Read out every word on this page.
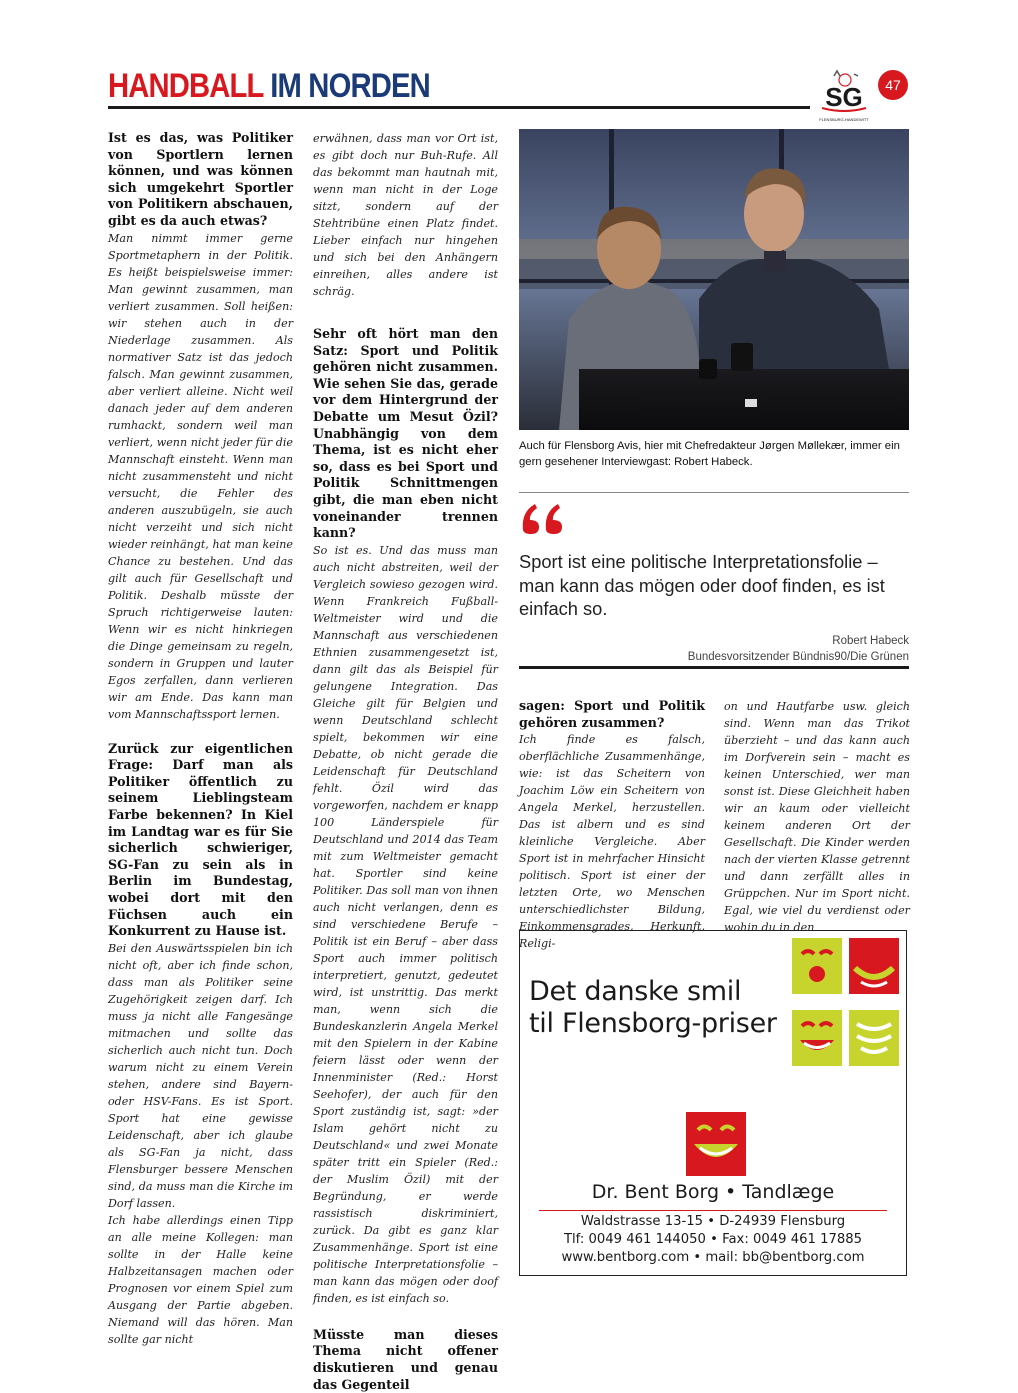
HANDBALL IM NORDEN	SG
FLENSBURG-HANDEWITT
47

Ist es das, was Politiker von Sportlern lernen können, und was können sich umgekehrt Sportler von Politikern abschauen, gibt es da auch etwas?

Man nimmt immer gerne Sportmetaphern in der Politik. Es heißt beispielsweise immer: Man gewinnt zusammen, man verliert zusammen. Soll heißen: wir stehen auch in der Niederlage zusammen. Als normativer Satz ist das jedoch falsch. Man gewinnt zusammen, aber verliert alleine. Nicht weil danach jeder auf dem anderen rumhackt, sondern weil man verliert, wenn nicht jeder für die Mannschaft einsteht. Wenn man nicht zusammensteht und nicht versucht, die Fehler des anderen auszubügeln, sie auch nicht verzeiht und sich nicht wieder reinhängt, hat man keine Chance zu bestehen. Und das gilt auch für Gesellschaft und Politik. Deshalb müsste der Spruch richtigerweise lauten: Wenn wir es nicht hinkriegen die Dinge gemeinsam zu regeln, sondern in Gruppen und lauter Egos zerfallen, dann verlieren wir am Ende. Das kann man vom Mannschaftssport lernen.

Zurück zur eigentlichen Frage: Darf man als Politiker öffentlich zu seinem Lieblingsteam Farbe bekennen? In Kiel im Landtag war es für Sie sicherlich schwieriger, SG-Fan zu sein als in Berlin im Bundestag, wobei dort mit den Füchsen auch ein Konkurrent zu Hause ist.

Bei den Auswärtsspielen bin ich nicht oft, aber ich finde schon, dass man als Politiker seine Zugehörigkeit zeigen darf. Ich muss ja nicht alle Fangesänge mitmachen und sollte das sicherlich auch nicht tun. Doch warum nicht zu einem Verein stehen, andere sind Bayern- oder HSV-Fans. Es ist Sport. Sport hat eine gewisse Leidenschaft, aber ich glaube als SG-Fan ja nicht, dass Flensburger bessere Menschen sind, da muss man die Kirche im Dorf lassen.

Ich habe allerdings einen Tipp an alle meine Kollegen: man sollte in der Halle keine Halbzeitansagen machen oder Prognosen vor einem Spiel zum Ausgang der Partie abgeben. Niemand will das hören. Man sollte gar nicht

erwähnen, dass man vor Ort ist, es gibt doch nur Buh-Rufe. All das bekommt man hautnah mit, wenn man nicht in der Loge sitzt, sondern auf der Stehtribüne einen Platz findet. Lieber einfach nur hingehen und sich bei den Anhängern einreihen, alles andere ist schräg.

Sehr oft hört man den Satz: Sport und Politik gehören nicht zusammen. Wie sehen Sie das, gerade vor dem Hintergrund der Debatte um Mesut Özil? Unabhängig von dem Thema, ist es nicht eher so, dass es bei Sport und Politik Schnittmengen gibt, die man eben nicht voneinander trennen kann?

So ist es. Und das muss man auch nicht abstreiten, weil der Vergleich sowieso gezogen wird. Wenn Frankreich Fußball-Weltmeister wird und die Mannschaft aus verschiedenen Ethnien zusammengesetzt ist, dann gilt das als Beispiel für gelungene Integration. Das Gleiche gilt für Belgien und wenn Deutschland schlecht spielt, bekommen wir eine Debatte, ob nicht gerade die Leidenschaft für Deutschland fehlt. Özil wird das vorgeworfen, nachdem er knapp 100 Länderspiele für Deutschland und 2014 das Team mit zum Weltmeister gemacht hat. Sportler sind keine Politiker. Das soll man von ihnen auch nicht verlangen, denn es sind verschiedene Berufe – Politik ist ein Beruf – aber dass Sport auch immer politisch interpretiert, genutzt, gedeutet wird, ist unstrittig. Das merkt man, wenn sich die Bundeskanzlerin Angela Merkel mit den Spielern in der Kabine feiern lässt oder wenn der Innenminister (Red.: Horst Seehofer), der auch für den Sport zuständig ist, sagt: »der Islam gehört nicht zu Deutschland« und zwei Monate später tritt ein Spieler (Red.: der Muslim Özil) mit der Begründung, er werde rassistisch diskriminiert, zurück. Da gibt es ganz klar Zusammenhänge. Sport ist eine politische Interpretationsfolie – man kann das mögen oder doof finden, es ist einfach so.

Müsste man dieses Thema nicht offener diskutieren und genau das Gegenteil

Auch für Flensborg Avis, hier mit Chefredakteur Jørgen Møllekær, immer ein gern gesehener Interviewgast: Robert Habeck.
Sport ist eine politische Interpretationsfolie – man kann das mögen oder doof finden, es ist einfach so.
Robert Habeck
Bundesvorsitzender Bündnis90/Die Grünen

sagen: Sport und Politik gehören zusammen?

Ich finde es falsch, oberflächliche Zusammenhänge, wie: ist das Scheitern von Joachim Löw ein Scheitern von Angela Merkel, herzustellen. Das ist albern und es sind kleinliche Vergleiche. Aber Sport ist in mehrfacher Hinsicht politisch. Sport ist einer der letzten Orte, wo Menschen unterschiedlichster Bildung, Einkommensgrades, Herkunft, Religi-

on und Hautfarbe usw. gleich sind. Wenn man das Trikot überzieht – und das kann auch im Dorfverein sein – macht es keinen Unterschied, wer man sonst ist. Diese Gleichheit haben wir an kaum oder vielleicht keinem anderen Ort der Gesellschaft. Die Kinder werden nach der vierten Klasse getrennt und dann zerfällt alles in Grüppchen. Nur im Sport nicht. Egal, wie viel du verdienst oder wohin du in den

Det danske smil
til Flensborg-priser
Dr. Bent Borg • Tandlæge
Waldstrasse 13-15 • D-24939 Flensburg
Tlf: 0049 461 144050 • Fax: 0049 461 17885
www.bentborg.com • mail: bb@bentborg.com
